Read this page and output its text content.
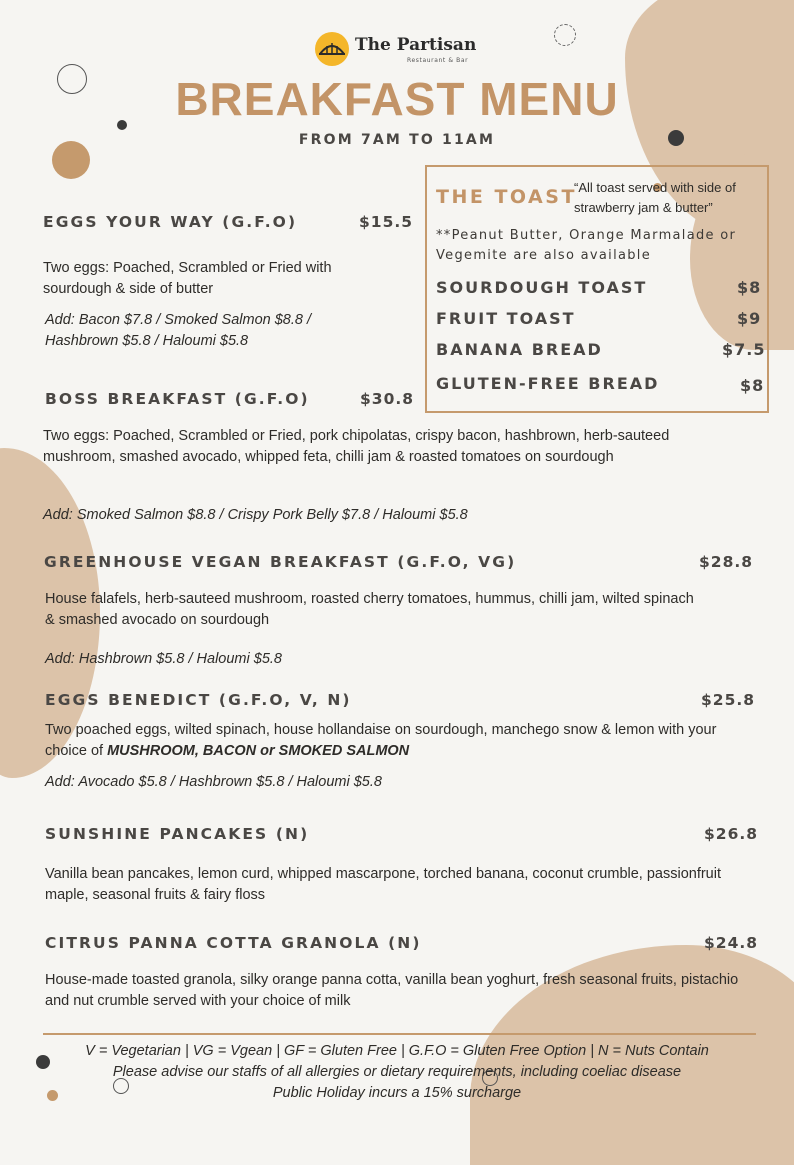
The Partisan
Restaurant & Bar
BREAKFAST MENU
FROM 7AM TO 11AM
EGGS YOUR WAY (G.F.O)	$15.5
Two eggs: Poached, Scrambled or Fried with sourdough & side of butter
Add: Bacon $7.8 / Smoked Salmon $8.8 / Hashbrown $5.8 / Haloumi $5.8
BOSS BREAKFAST (G.F.O)	$30.8
Two eggs: Poached, Scrambled or Fried, pork chipolatas, crispy bacon, hashbrown, herb-sauteed mushroom, smashed avocado, whipped feta, chilli jam & roasted tomatoes on sourdough
Add: Smoked Salmon $8.8 / Crispy Pork Belly $7.8 / Haloumi $5.8
GREENHOUSE VEGAN BREAKFAST (G.F.O, VG)	$28.8
House falafels, herb-sauteed mushroom, roasted cherry tomatoes, hummus, chilli jam, wilted spinach & smashed avocado on sourdough
Add: Hashbrown $5.8 / Haloumi $5.8
EGGS BENEDICT (G.F.O, V, N)	$25.8
Two poached eggs, wilted spinach, house hollandaise on sourdough, manchego snow & lemon with your choice of MUSHROOM, BACON or SMOKED SALMON
Add: Avocado $5.8 / Hashbrown $5.8 / Haloumi $5.8
SUNSHINE PANCAKES (N)	$26.8
Vanilla bean pancakes, lemon curd, whipped mascarpone, torched banana, coconut crumble, passionfruit maple, seasonal fruits & fairy floss
CITRUS PANNA COTTA GRANOLA (N)	$24.8
House-made toasted granola, silky orange panna cotta, vanilla bean yoghurt, fresh seasonal fruits, pistachio and nut crumble served with your choice of milk
THE TOAST
“All toast served with side of strawberry jam & butter”
**Peanut Butter, Orange Marmalade or Vegemite are also available
SOURDOUGH TOAST	$8
FRUIT TOAST	$9
BANANA BREAD	$7.5
GLUTEN-FREE BREAD	$8
V = Vegetarian | VG = Vgean | GF = Gluten Free | G.F.O = Gluten Free Option | N = Nuts Contain
Please advise our staffs of all allergies or dietary requirements, including coeliac disease
Public Holiday incurs a 15% surcharge
